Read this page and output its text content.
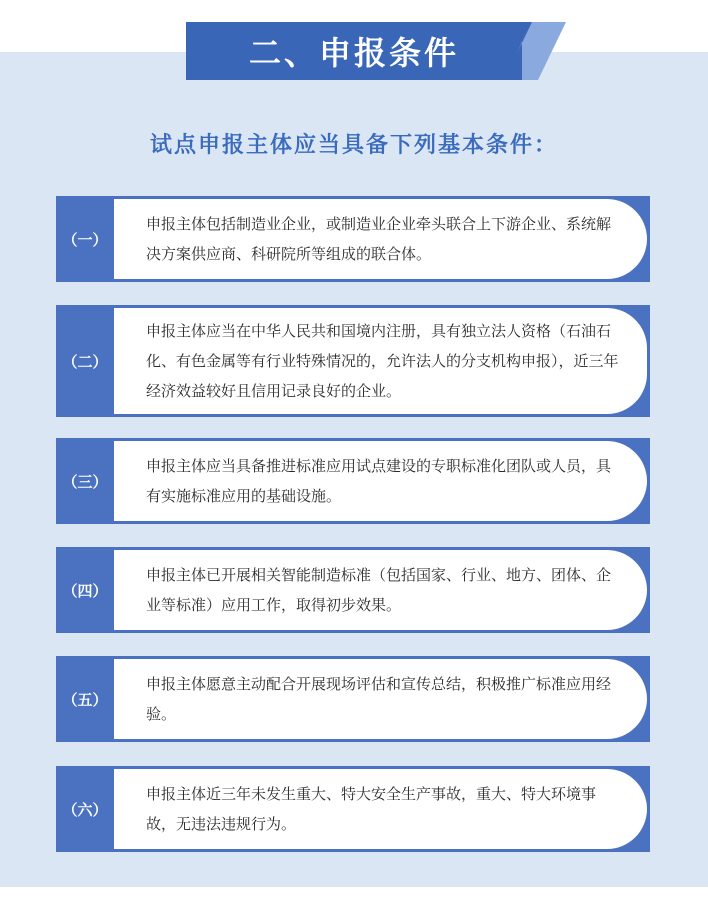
二、申报条件
试点申报主体应当具备下列基本条件：
（一）
申报主体包括制造业企业，或制造业企业牵头联合上下游企业、系统解决方案供应商、科研院所等组成的联合体。
（二）
申报主体应当在中华人民共和国境内注册，具有独立法人资格（石油石化、有色金属等有行业特殊情况的，允许法人的分支机构申报），近三年经济效益较好且信用记录良好的企业。
（三）
申报主体应当具备推进标准应用试点建设的专职标准化团队或人员，具有实施标准应用的基础设施。
（四）
申报主体已开展相关智能制造标准（包括国家、行业、地方、团体、企业等标准）应用工作，取得初步效果。
（五）
申报主体愿意主动配合开展现场评估和宣传总结，积极推广标准应用经验。
（六）
申报主体近三年未发生重大、特大安全生产事故，重大、特大环境事故，无违法违规行为。
